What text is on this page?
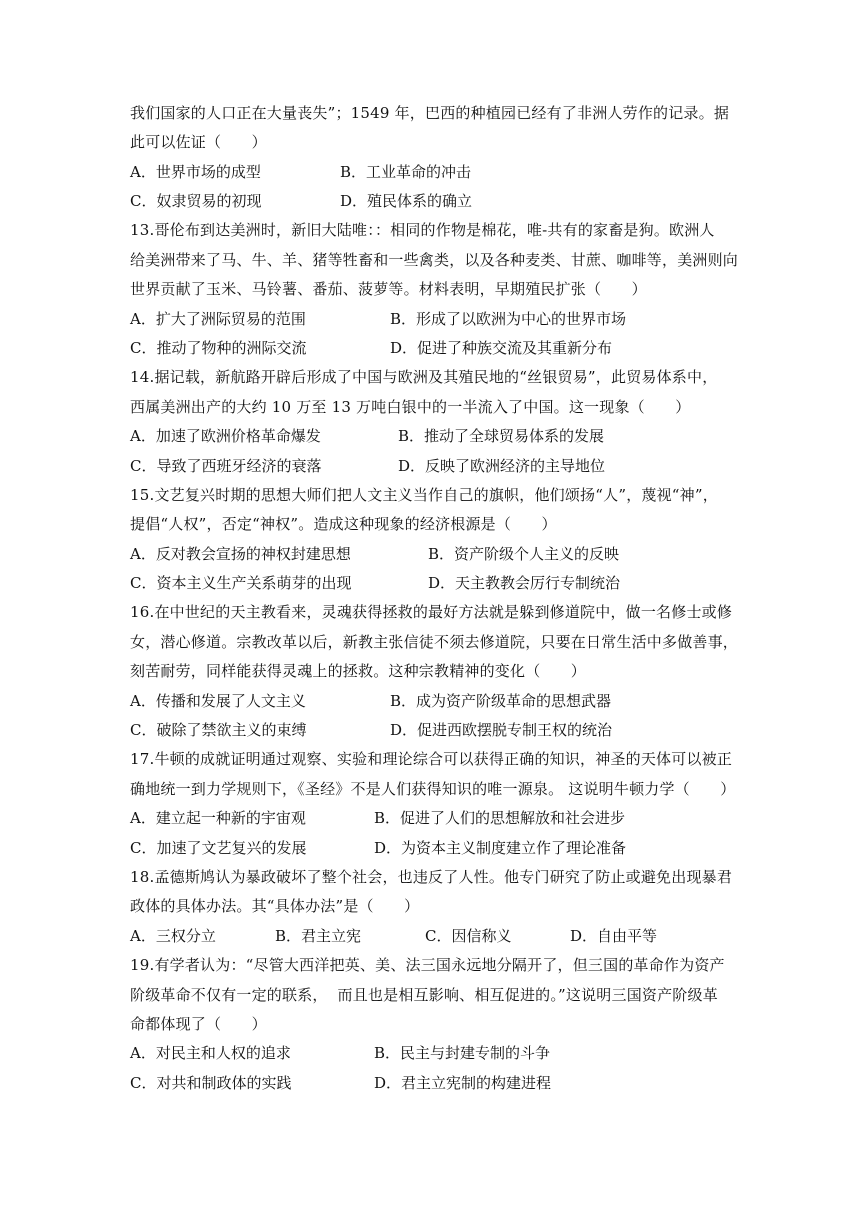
我们国家的人口正在大量丧失”；1549 年，巴西的种植园已经有了非洲人劳作的记录。据
此可以佐证（　　）
A．世界市场的成型	B．工业革命的冲击
C．奴隶贸易的初现	D．殖民体系的确立
13.哥伦布到达美洲时，新旧大陆唯：：相同的作物是棉花，唯-共有的家畜是狗。欧洲人
给美洲带来了马、牛、羊、猪等牲畜和一些禽类，以及各种麦类、甘蔗、咖啡等，美洲则向
世界贡献了玉米、马铃薯、番茄、菠萝等。材料表明，早期殖民扩张（　　）
A．扩大了洲际贸易的范围	B．形成了以欧洲为中心的世界市场
C．推动了物种的洲际交流	D．促进了种族交流及其重新分布
14.据记载，新航路开辟后形成了中国与欧洲及其殖民地的“丝银贸易”，此贸易体系中，
西属美洲出产的大约 10 万至 13 万吨白银中的一半流入了中国。这一现象（　　）
A．加速了欧洲价格革命爆发	B．推动了全球贸易体系的发展
C．导致了西班牙经济的衰落	D．反映了欧洲经济的主导地位
15.文艺复兴时期的思想大师们把人文主义当作自己的旗帜，他们颂扬“人”，蔑视“神”，
提倡“人权”，否定“神权”。造成这种现象的经济根源是（　　）
A．反对教会宣扬的神权封建思想	B．资产阶级个人主义的反映
C．资本主义生产关系萌芽的出现	D．天主教教会厉行专制统治
16.在中世纪的天主教看来，灵魂获得拯救的最好方法就是躲到修道院中，做一名修士或修
女，潜心修道。宗教改革以后，新教主张信徒不须去修道院，只要在日常生活中多做善事，
刻苦耐劳，同样能获得灵魂上的拯救。这种宗教精神的变化（　　）
A．传播和发展了人文主义	B．成为资产阶级革命的思想武器
C．破除了禁欲主义的束缚	D．促进西欧摆脱专制王权的统治
17.牛顿的成就证明通过观察、实验和理论综合可以获得正确的知识，神圣的天体可以被正
确地统一到力学规则下，《圣经》不是人们获得知识的唯一源泉。 这说明牛顿力学（　　）
A．建立起一种新的宇宙观	B．促进了人们的思想解放和社会进步
C．加速了文艺复兴的发展	D．为资本主义制度建立作了理论准备
18.孟德斯鸠认为暴政破坏了整个社会，也违反了人性。他专门研究了防止或避免出现暴君
政体的具体办法。其“具体办法”是（　　）
A．三权分立	B．君主立宪	C．因信称义	D．自由平等
19.有学者认为：“尽管大西洋把英、美、法三国永远地分隔开了，但三国的革命作为资产
阶级革命不仅有一定的联系，  而且也是相互影响、相互促进的。”这说明三国资产阶级革
命都体现了（　　）
A．对民主和人权的追求	B．民主与封建专制的斗争
C．对共和制政体的实践	D．君主立宪制的构建进程
